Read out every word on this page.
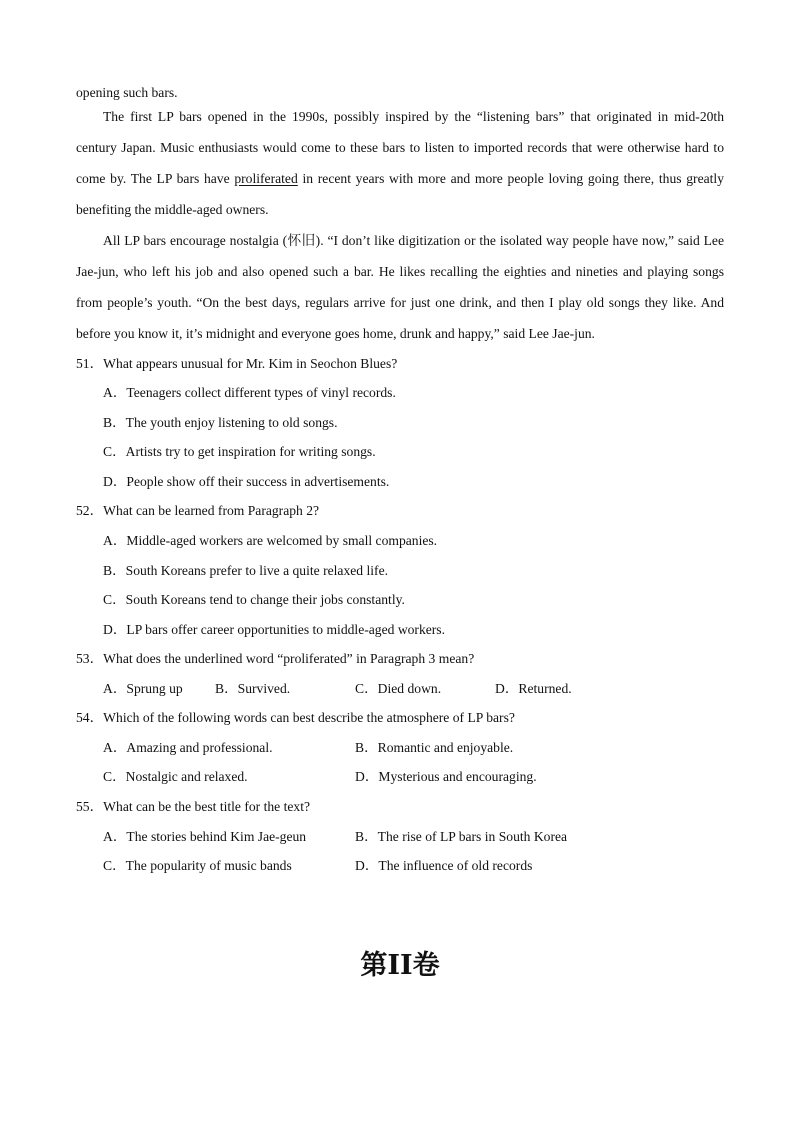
opening such bars.
The first LP bars opened in the 1990s, possibly inspired by the “listening bars” that originated in mid-20th century Japan. Music enthusiasts would come to these bars to listen to imported records that were otherwise hard to come by. The LP bars have proliferated in recent years with more and more people loving going there, thus greatly benefiting the middle-aged owners.
All LP bars encourage nostalgia (怀旧). “I don’t like digitization or the isolated way people have now,” said Lee Jae-jun, who left his job and also opened such a bar. He likes recalling the eighties and nineties and playing songs from people’s youth. “On the best days, regulars arrive for just one drink, and then I play old songs they like. And before you know it, it’s midnight and everyone goes home, drunk and happy,” said Lee Jae-jun.
51．What appears unusual for Mr. Kim in Seochon Blues?
A．Teenagers collect different types of vinyl records.
B．The youth enjoy listening to old songs.
C．Artists try to get inspiration for writing songs.
D．People show off their success in advertisements.
52．What can be learned from Paragraph 2?
A．Middle-aged workers are welcomed by small companies.
B．South Koreans prefer to live a quite relaxed life.
C．South Koreans tend to change their jobs constantly.
D．LP bars offer career opportunities to middle-aged workers.
53．What does the underlined word “proliferated” in Paragraph 3 mean?
A．Sprung up B．Survived.	C．Died down.	D．Returned.
54．Which of the following words can best describe the atmosphere of LP bars?
A．Amazing and professional.	B．Romantic and enjoyable.
C．Nostalgic and relaxed.	D．Mysterious and encouraging.
55．What can be the best title for the text?
A．The stories behind Kim Jae-geun	B．The rise of LP bars in South Korea
C．The popularity of music bands	D．The influence of old records
第II卷
